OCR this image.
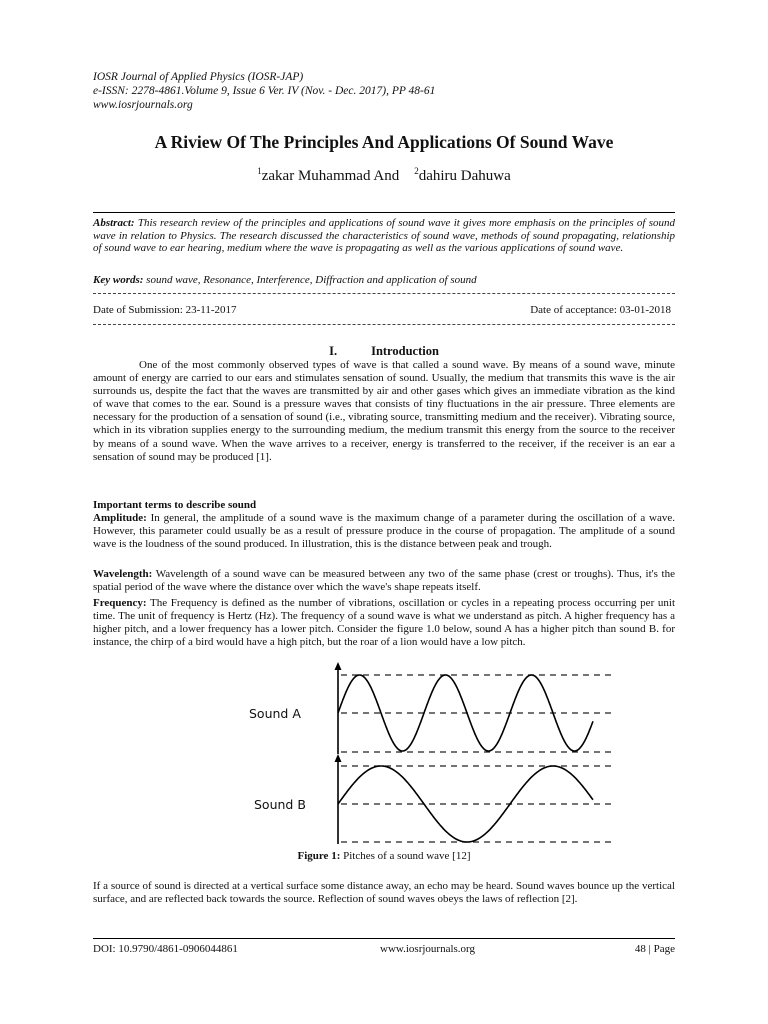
IOSR Journal of Applied Physics (IOSR-JAP)
e-ISSN: 2278-4861.Volume 9, Issue 6 Ver. IV (Nov. - Dec. 2017), PP 48-61
www.iosrjournals.org
A Riview Of The Principles And Applications Of Sound Wave
$^1$zakar Muhammad And $^2$dahiru Dahuwa
Abstract: This research review of the principles and applications of sound wave it gives more emphasis on the principles of sound wave in relation to Physics. The research discussed the characteristics of sound wave, methods of sound propagating, relationship of sound wave to ear hearing, medium where the wave is propagating as well as the various applications of sound wave.
Key words: sound wave, Resonance, Interference, Diffraction and application of sound
Date of Submission: 23-11-2017	Date of acceptance: 03-01-2018
I.	Introduction
One of the most commonly observed types of wave is that called a sound wave. By means of a sound wave, minute amount of energy are carried to our ears and stimulates sensation of sound. Usually, the medium that transmits this wave is the air surrounds us, despite the fact that the waves are transmitted by air and other gases which gives an immediate vibration as the kind of wave that comes to the ear. Sound is a pressure waves that consists of tiny fluctuations in the air pressure. Three elements are necessary for the production of a sensation of sound (i.e., vibrating source, transmitting medium and the receiver). Vibrating source, which in its vibration supplies energy to the surrounding medium, the medium transmit this energy from the source to the receiver by means of a sound wave. When the wave arrives to a receiver, energy is transferred to the receiver, if the receiver is an ear a sensation of sound may be produced [1].
Important terms to describe sound
Amplitude: In general, the amplitude of a sound wave is the maximum change of a parameter during the oscillation of a wave. However, this parameter could usually be as a result of pressure produce in the course of propagation. The amplitude of a sound wave is the loudness of the sound produced. In illustration, this is the distance between peak and trough.
Wavelength: Wavelength of a sound wave can be measured between any two of the same phase (crest or troughs). Thus, it's the spatial period of the wave where the distance over which the wave's shape repeats itself.
Frequency: The Frequency is defined as the number of vibrations, oscillation or cycles in a repeating process occurring per unit time. The unit of frequency is Hertz (Hz). The frequency of a sound wave is what we understand as pitch. A higher frequency has a higher pitch, and a lower frequency has a lower pitch. Consider the figure 1.0 below, sound A has a higher pitch than sound B. for instance, the chirp of a bird would have a high pitch, but the roar of a lion would have a low pitch.
Sound A
Sound B
Figure 1: Pitches of a sound wave [12]
If a source of sound is directed at a vertical surface some distance away, an echo may be heard. Sound waves bounce up the vertical surface, and are reflected back towards the source. Reflection of sound waves obeys the laws of reflection [2].
DOI: 10.9790/4861-0906044861	www.iosrjournals.org	48 | Page
